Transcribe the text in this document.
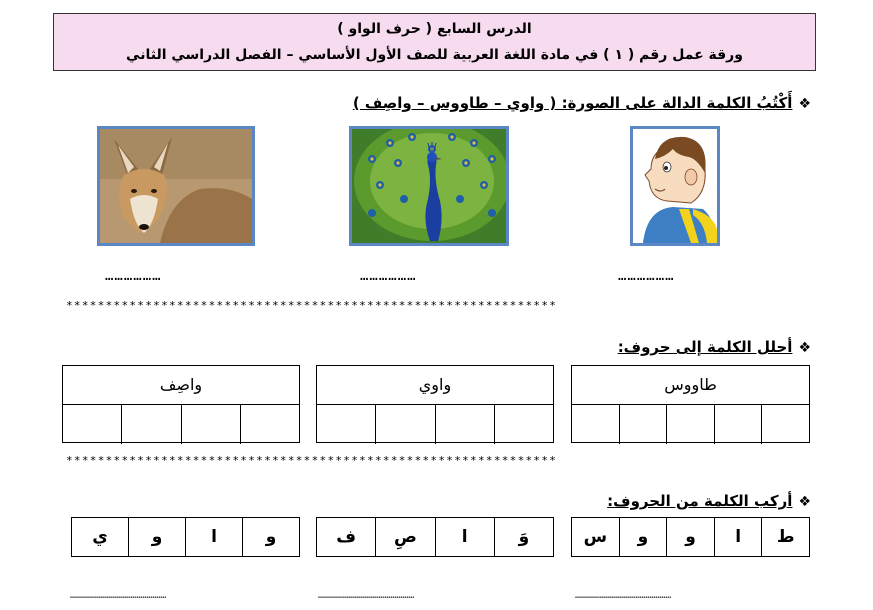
الدرس السابع ( حرف الواو )
ورقة عمل رقم ( ١ ) في مادة اللغة العربية للصف الأول الأساسي – الفصل الدراسي الثاني
❖أَكْتُبُ الكلمة الدالة على الصورة: ( واوي – طاووس – واصِف )
………………	………………	………………
**************************************************************
❖أحلل الكلمة إلى حروف:
طاووس
واوي
واصِف
**************************************************************
❖أركب الكلمة من الحروف:
ط
ا
و
و
س
وَ
ا
صِ
ف
و
ا
و
ي
…………………………………………
…………………………………………
…………………………………………
